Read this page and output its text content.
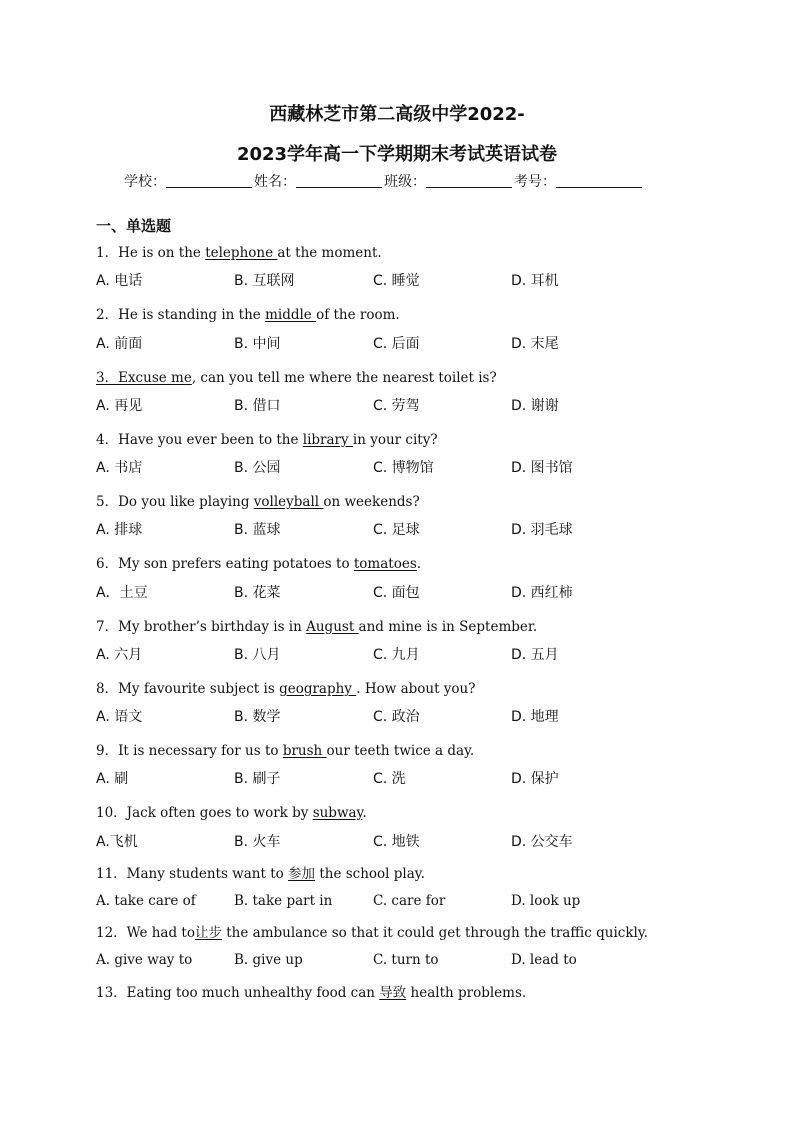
西藏林芝市第二高级中学2022-
2023学年高一下学期期末考试英语试卷
学校：	姓名：	班级：	考号：
一、单选题
1．He is on the telephone at the moment.
A. 电话	B. 互联网	C. 睡觉	D. 耳机
2．He is standing in the middle of the room.
A. 前面	B. 中间	C. 后面	D. 末尾
3．Excuse me, can you tell me where the nearest toilet is?
A. 再见	B. 借口	C. 劳驾	D. 谢谢
4．Have you ever been to the library in your city?
A. 书店	B. 公园	C. 博物馆	D. 图书馆
5．Do you like playing volleyball on weekends?
A. 排球	B. 蓝球	C. 足球	D. 羽毛球
6．My son prefers eating potatoes to tomatoes.
A．土豆	B. 花菜	C. 面包	D. 西红柿
7．My brother’s birthday is in August and mine is in September.
A. 六月	B. 八月	C. 九月	D. 五月
8．My favourite subject is geography . How about you?
A. 语文	B. 数学	C. 政治	D. 地理
9．It is necessary for us to brush our teeth twice a day.
A. 刷	B. 刷子	C. 洗	D. 保护
10．Jack often goes to work by subway.
A.飞机	B. 火车	C. 地铁	D. 公交车
11．Many students want to 参加 the school play.
A. take care of	B. take part in	C. care for	D. look up
12．We had to让步 the ambulance so that it could get through the traffic quickly.
A. give way to	B. give up	C. turn to	D. lead to
13．Eating too much unhealthy food can 导致 health problems.
